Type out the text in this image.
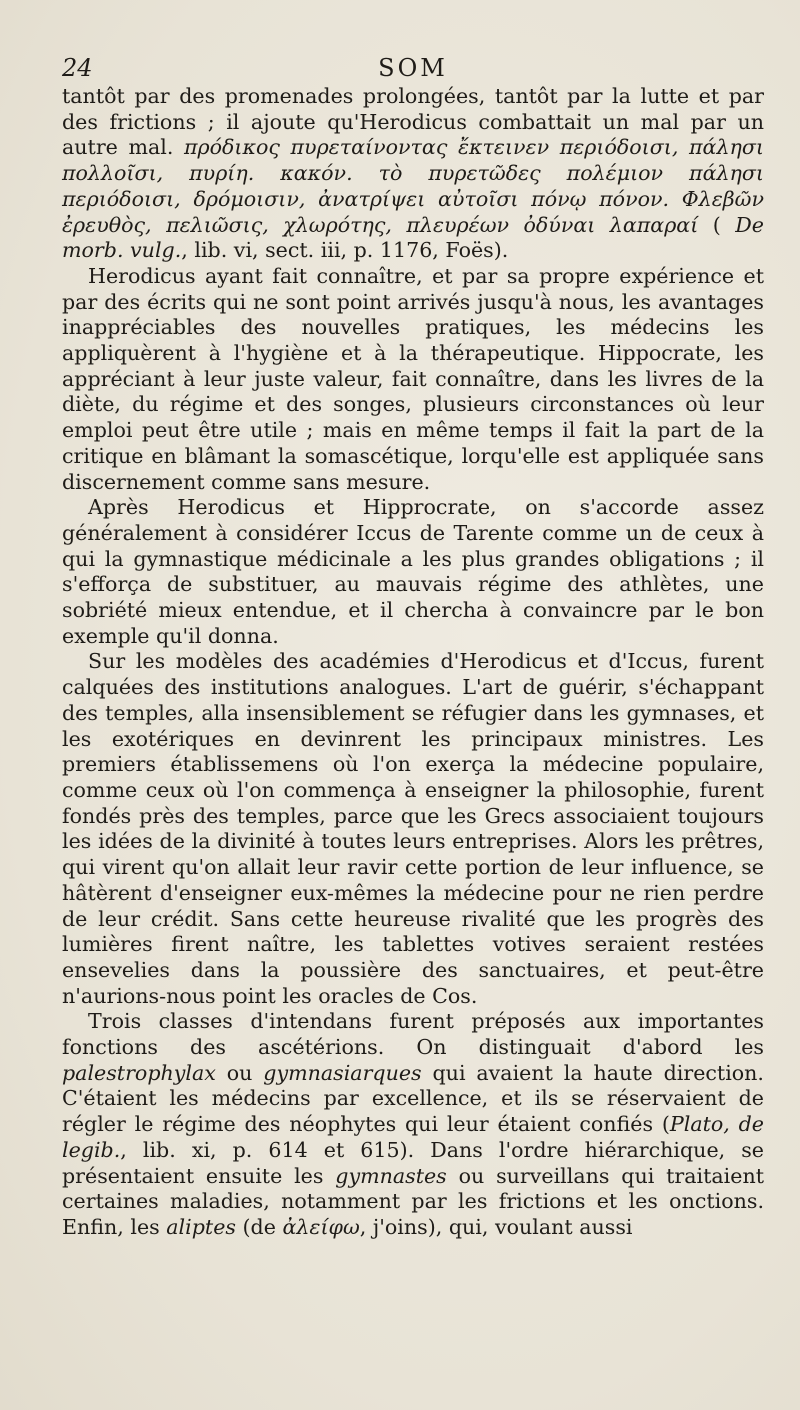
24	SOM

tantôt par des promenades prolongées, tantôt par la lutte et par des frictions ; il ajoute qu'Herodicus combattait un mal par un autre mal. πρόδικος πυρεταίνοντας ἔκτεινεν περιόδοισι, πάλησι πολλοῖσι, πυρίη. κακόν. τὸ πυρετῶδες πολέμιον πάλησι περιόδοισι, δρόμοισιν, ἀνατρίψει αὐτοῖσι πόνῳ πόνον. Φλεβῶν ἐρευθὸς, πελιῶσις, χλωρότης, πλευρέων ὀδύναι λαπαραί ( De morb. vulg., lib. vi, sect. iii, p. 1176, Foës).

Herodicus ayant fait connaître, et par sa propre expérience et par des écrits qui ne sont point arrivés jusqu'à nous, les avantages inappréciables des nouvelles pratiques, les médecins les appliquèrent à l'hygiène et à la thérapeutique. Hippocrate, les appréciant à leur juste valeur, fait connaître, dans les livres de la diète, du régime et des songes, plusieurs circonstances où leur emploi peut être utile ; mais en même temps il fait la part de la critique en blâmant la somascétique, lorqu'elle est appliquée sans discernement comme sans mesure.

Après Herodicus et Hipprocrate, on s'accorde assez généralement à considérer Iccus de Tarente comme un de ceux à qui la gymnastique médicinale a les plus grandes obligations ; il s'efforça de substituer, au mauvais régime des athlètes, une sobriété mieux entendue, et il chercha à convaincre par le bon exemple qu'il donna.

Sur les modèles des académies d'Herodicus et d'Iccus, furent calquées des institutions analogues. L'art de guérir, s'échappant des temples, alla insensiblement se réfugier dans les gymnases, et les exotériques en devinrent les principaux ministres. Les premiers établissemens où l'on exerça la médecine populaire, comme ceux où l'on commença à enseigner la philosophie, furent fondés près des temples, parce que les Grecs associaient toujours les idées de la divinité à toutes leurs entreprises. Alors les prêtres, qui virent qu'on allait leur ravir cette portion de leur influence, se hâtèrent d'enseigner eux-mêmes la médecine pour ne rien perdre de leur crédit. Sans cette heureuse rivalité que les progrès des lumières firent naître, les tablettes votives seraient restées ensevelies dans la poussière des sanctuaires, et peut-être n'aurions-nous point les oracles de Cos.

Trois classes d'intendans furent préposés aux importantes fonctions des ascétérions. On distinguait d'abord les palestrophylax ou gymnasiarques qui avaient la haute direction. C'étaient les médecins par excellence, et ils se réservaient de régler le régime des néophytes qui leur étaient confiés (Plato, de legib., lib. xi, p. 614 et 615). Dans l'ordre hiérarchique, se présentaient ensuite les gymnastes ou surveillans qui traitaient certaines maladies, notamment par les frictions et les onctions. Enfin, les aliptes (de ἀλείφω, j'oins), qui, voulant aussi
